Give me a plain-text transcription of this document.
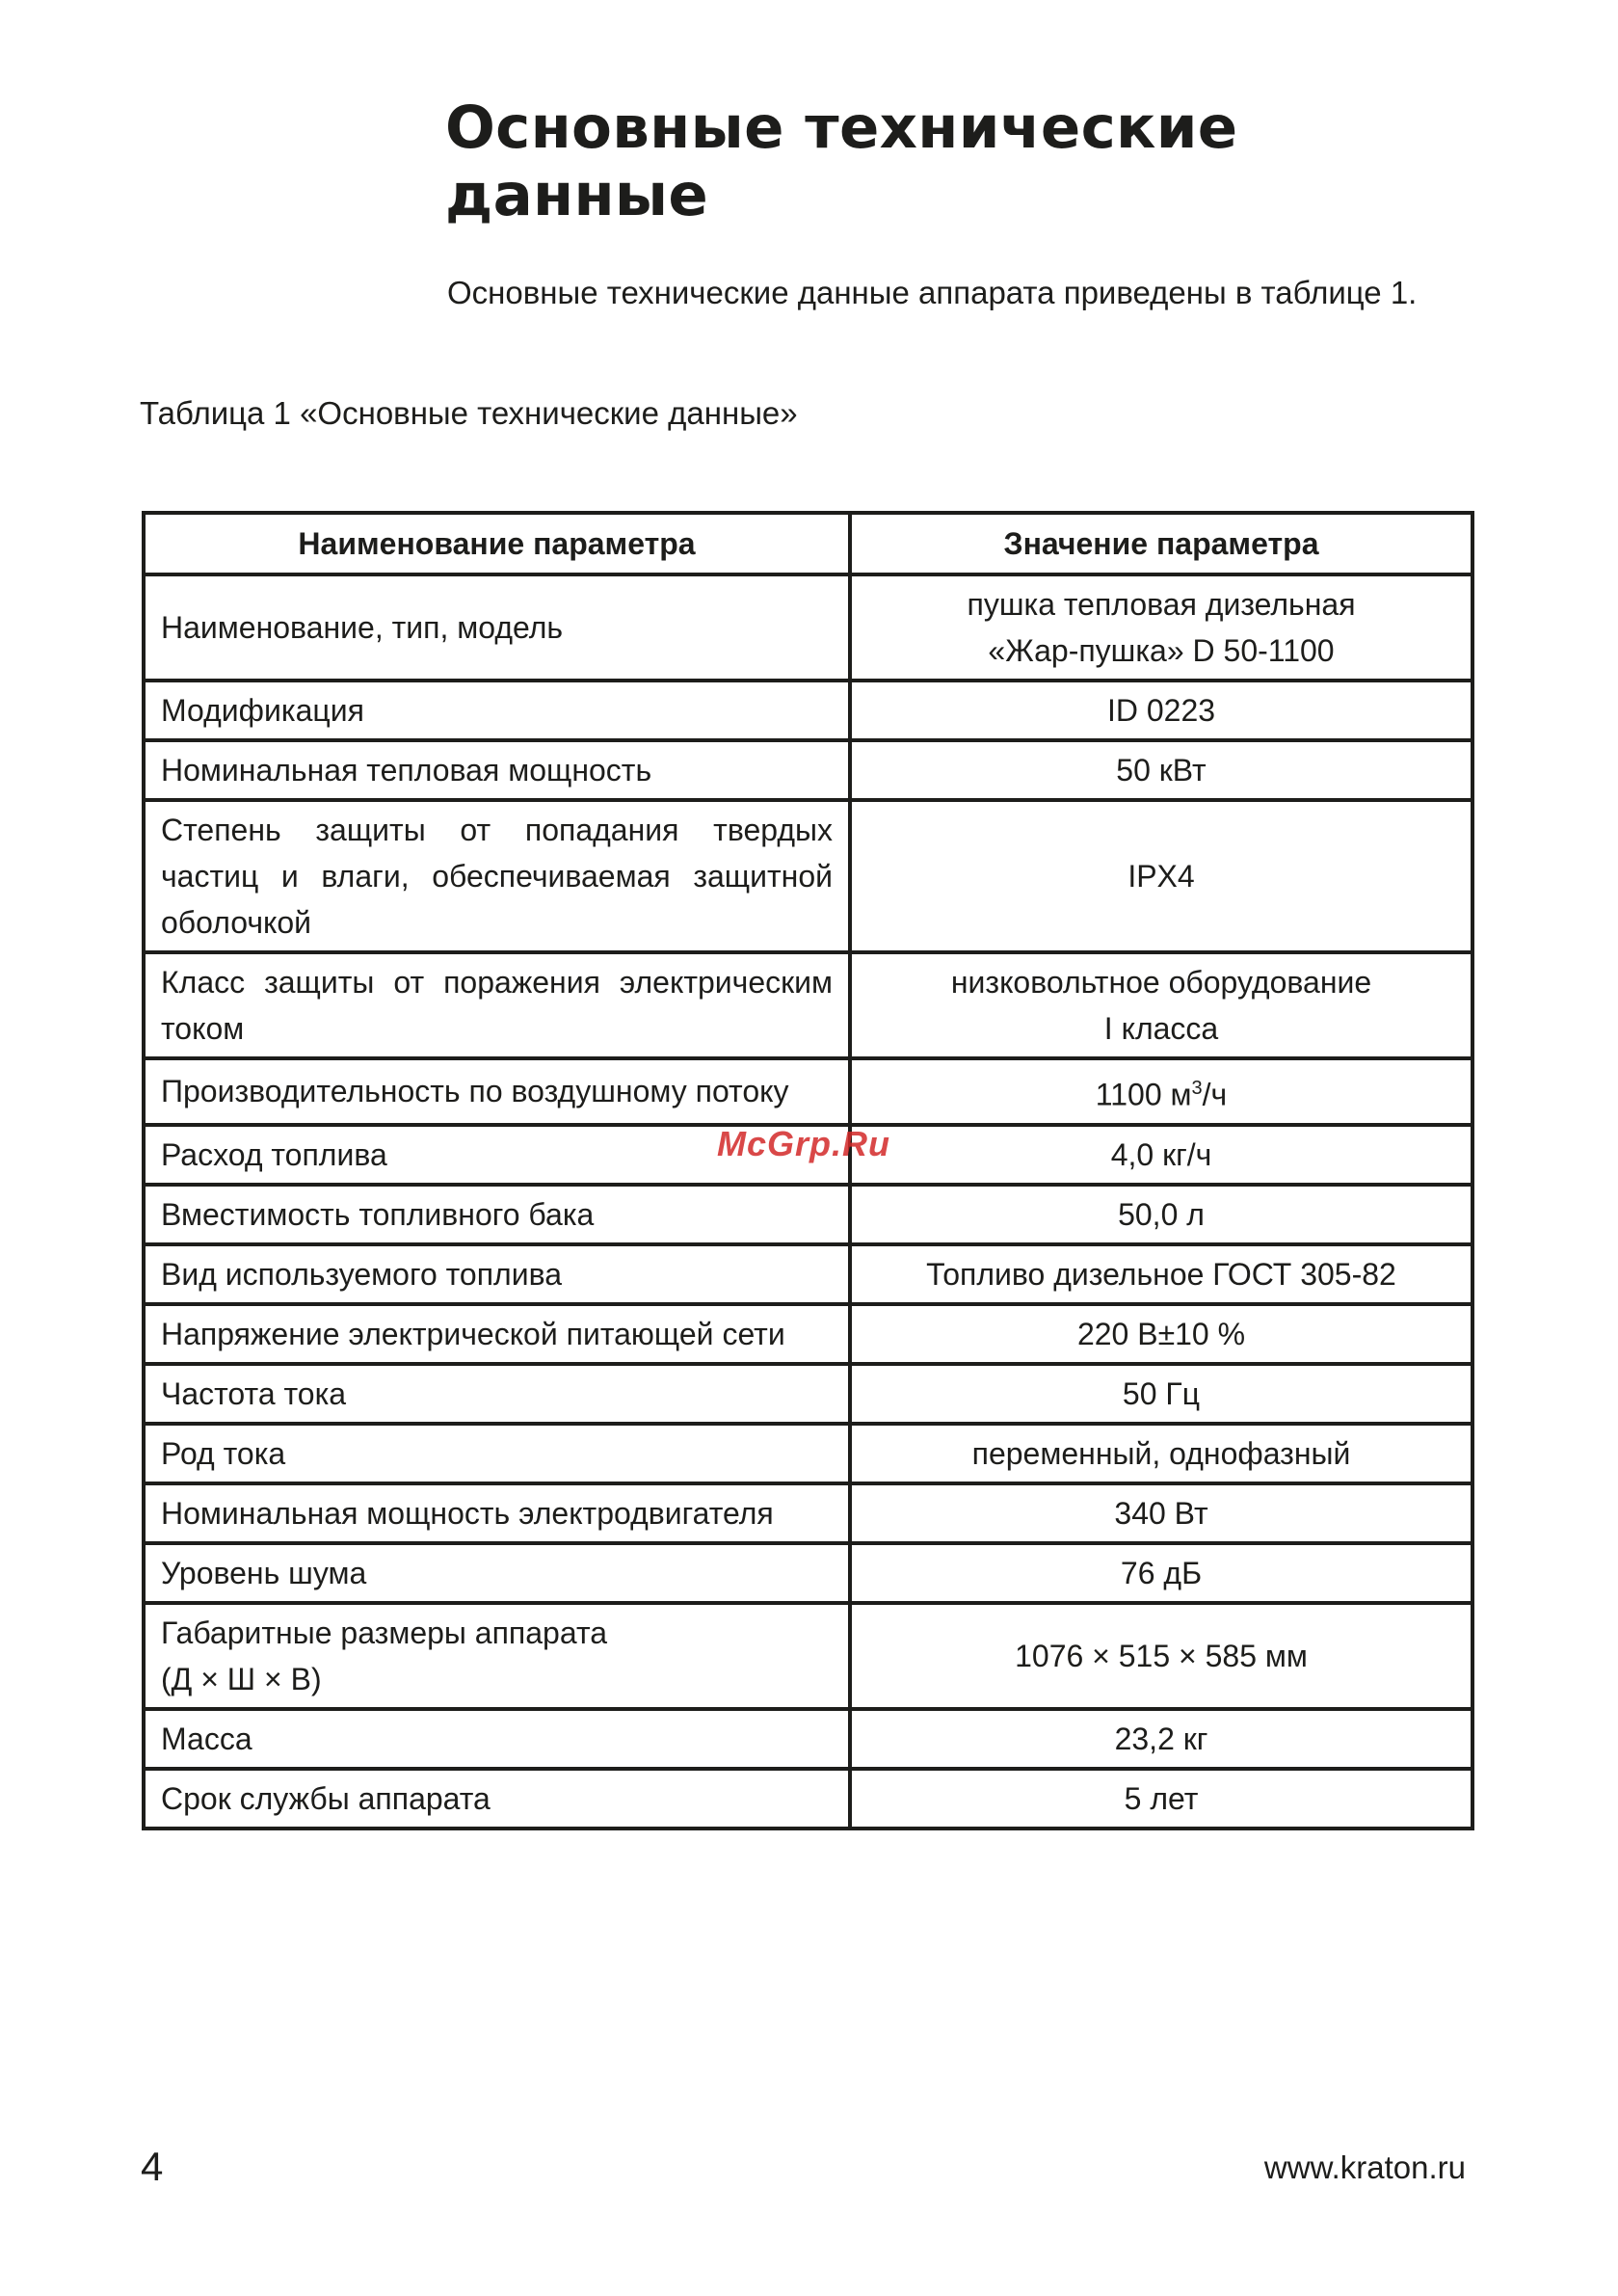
Основные технические
данные

Основные технические данные аппарата приведены в таблице 1.

Таблица 1 «Основные технические данные»

Наименование параметра	Значение параметра
Наименование, тип, модель	пушка тепловая дизельная
«Жар-пушка» D 50-1100

Модификация	ID 0223
Номинальная тепловая мощность	50 кВт
Степень защиты от попадания твердых частиц и влаги, обеспечиваемая защитной оболочкой	IPX4
Класс защиты от поражения электрическим током	низковольтное оборудование
I класса

Производительность по воздушному потоку	1100 $м^3/ч$
Расход топлива	4,0 кг/ч
Вместимость топливного бака	50,0 л
Вид используемого топлива	Топливо дизельное ГОСТ 305-82
Напряжение электрической питающей сети	220 В±10 %
Частота тока	50 Гц
Род тока	переменный, однофазный
Номинальная мощность электродвигателя	340 Вт
Уровень шума	76 дБ

Габаритные размеры аппарата
(Д × Ш × В)	1076 × 515 × 585 мм
Масса	23,2 кг
Срок службы аппарата	5 лет
McGrp.Ru
4	www.kraton.ru
